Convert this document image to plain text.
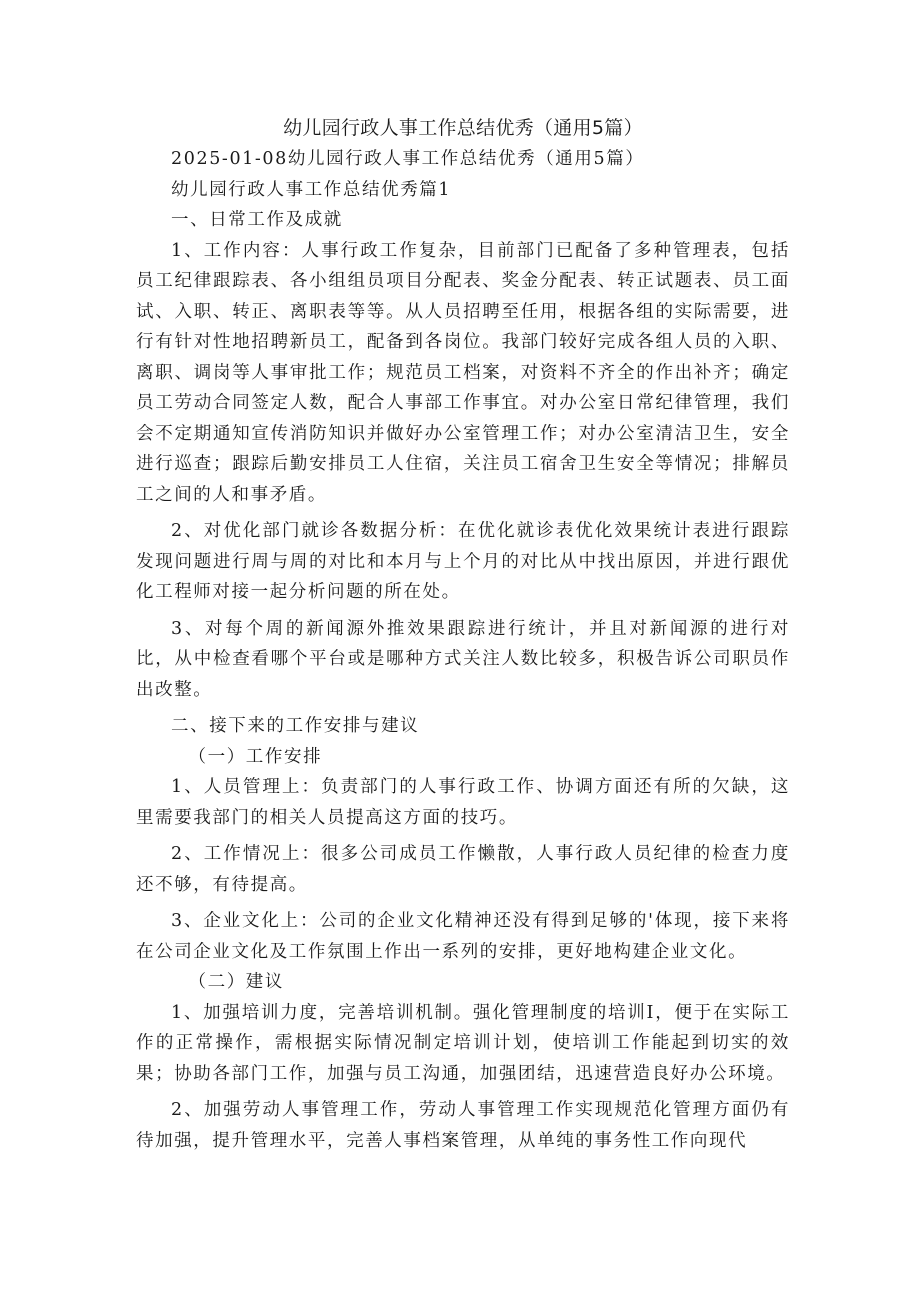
幼儿园行政人事工作总结优秀（通用5篇）

2025-01-08幼儿园行政人事工作总结优秀（通用5篇）

幼儿园行政人事工作总结优秀篇1

一、日常工作及成就

1、工作内容：人事行政工作复杂，目前部门已配备了多种管理表，包括员工纪律跟踪表、各小组组员项目分配表、奖金分配表、转正试题表、员工面试、入职、转正、离职表等等。从人员招聘至任用，根据各组的实际需要，进行有针对性地招聘新员工，配备到各岗位。我部门较好完成各组人员的入职、离职、调岗等人事审批工作；规范员工档案，对资料不齐全的作出补齐；确定员工劳动合同签定人数，配合人事部工作事宜。对办公室日常纪律管理，我们会不定期通知宣传消防知识并做好办公室管理工作；对办公室清洁卫生，安全进行巡查；跟踪后勤安排员工人住宿，关注员工宿舍卫生安全等情况；排解员工之间的人和事矛盾。

2、对优化部门就诊各数据分析：在优化就诊表优化效果统计表进行跟踪发现问题进行周与周的对比和本月与上个月的对比从中找出原因，并进行跟优化工程师对接一起分析问题的所在处。

3、对每个周的新闻源外推效果跟踪进行统计，并且对新闻源的进行对比，从中检查看哪个平台或是哪种方式关注人数比较多，积极告诉公司职员作出改整。

二、接下来的工作安排与建议

（一）工作安排

1、人员管理上：负责部门的人事行政工作、协调方面还有所的欠缺，这里需要我部门的相关人员提高这方面的技巧。

2、工作情况上：很多公司成员工作懒散，人事行政人员纪律的检查力度还不够，有待提高。

3、企业文化上：公司的企业文化精神还没有得到足够的'体现，接下来将在公司企业文化及工作氛围上作出一系列的安排，更好地构建企业文化。

（二）建议

1、加强培训力度，完善培训机制。强化管理制度的培训I，便于在实际工作的正常操作，需根据实际情况制定培训计划，使培训工作能起到切实的效果；协助各部门工作，加强与员工沟通，加强团结，迅速营造良好办公环境。

2、加强劳动人事管理工作，劳动人事管理工作实现规范化管理方面仍有待加强，提升管理水平，完善人事档案管理，从单纯的事务性工作向现代
